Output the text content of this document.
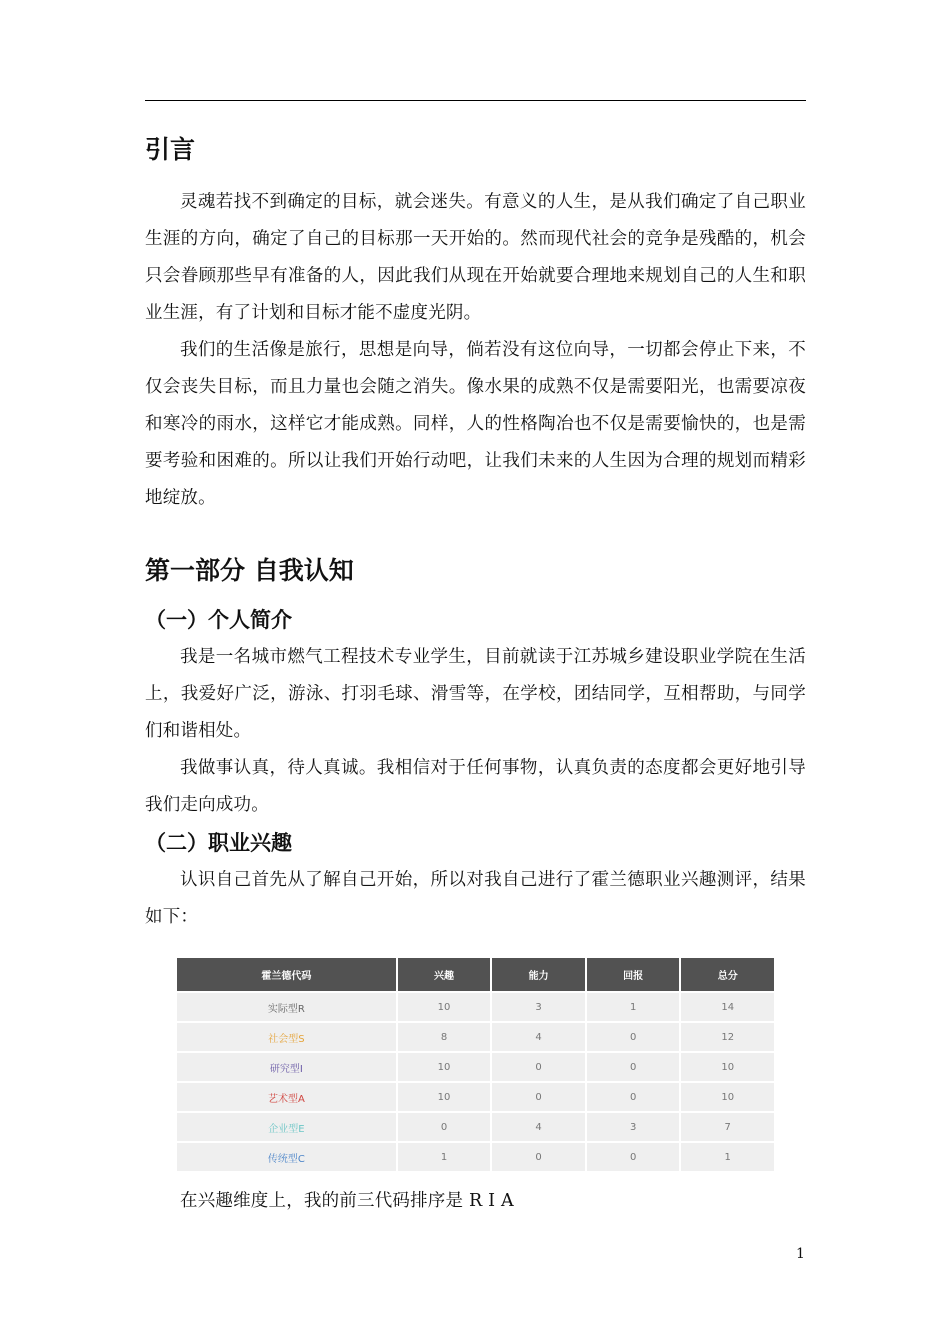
引言

灵魂若找不到确定的目标，就会迷失。有意义的人生，是从我们确定了自己职业生涯的方向，确定了自己的目标那一天开始的。然而现代社会的竞争是残酷的，机会只会眷顾那些早有准备的人，因此我们从现在开始就要合理地来规划自己的人生和职业生涯，有了计划和目标才能不虚度光阴。

我们的生活像是旅行，思想是向导，倘若没有这位向导，一切都会停止下来，不仅会丧失目标，而且力量也会随之消失。像水果的成熟不仅是需要阳光，也需要凉夜和寒冷的雨水，这样它才能成熟。同样，人的性格陶冶也不仅是需要愉快的，也是需要考验和困难的。所以让我们开始行动吧，让我们未来的人生因为合理的规划而精彩地绽放。

第一部分 自我认知
（一）个人简介

我是一名城市燃气工程技术专业学生，目前就读于江苏城乡建设职业学院在生活上，我爱好广泛，游泳、打羽毛球、滑雪等，在学校，团结同学，互相帮助，与同学们和谐相处。

我做事认真，待人真诚。我相信对于任何事物，认真负责的态度都会更好地引导我们走向成功。

（二）职业兴趣

认识自己首先从了解自己开始，所以对我自己进行了霍兰德职业兴趣测评，结果如下：

霍兰德代码	兴趣	能力	回报	总分
实际型R	10	3	1	14
社会型S	8	4	0	12
研究型I	10	0	0	10
艺术型A	10	0	0	10
企业型E	0	4	3	7
传统型C	1	0	0	1

在兴趣维度上，我的前三代码排序是 R I A

1
